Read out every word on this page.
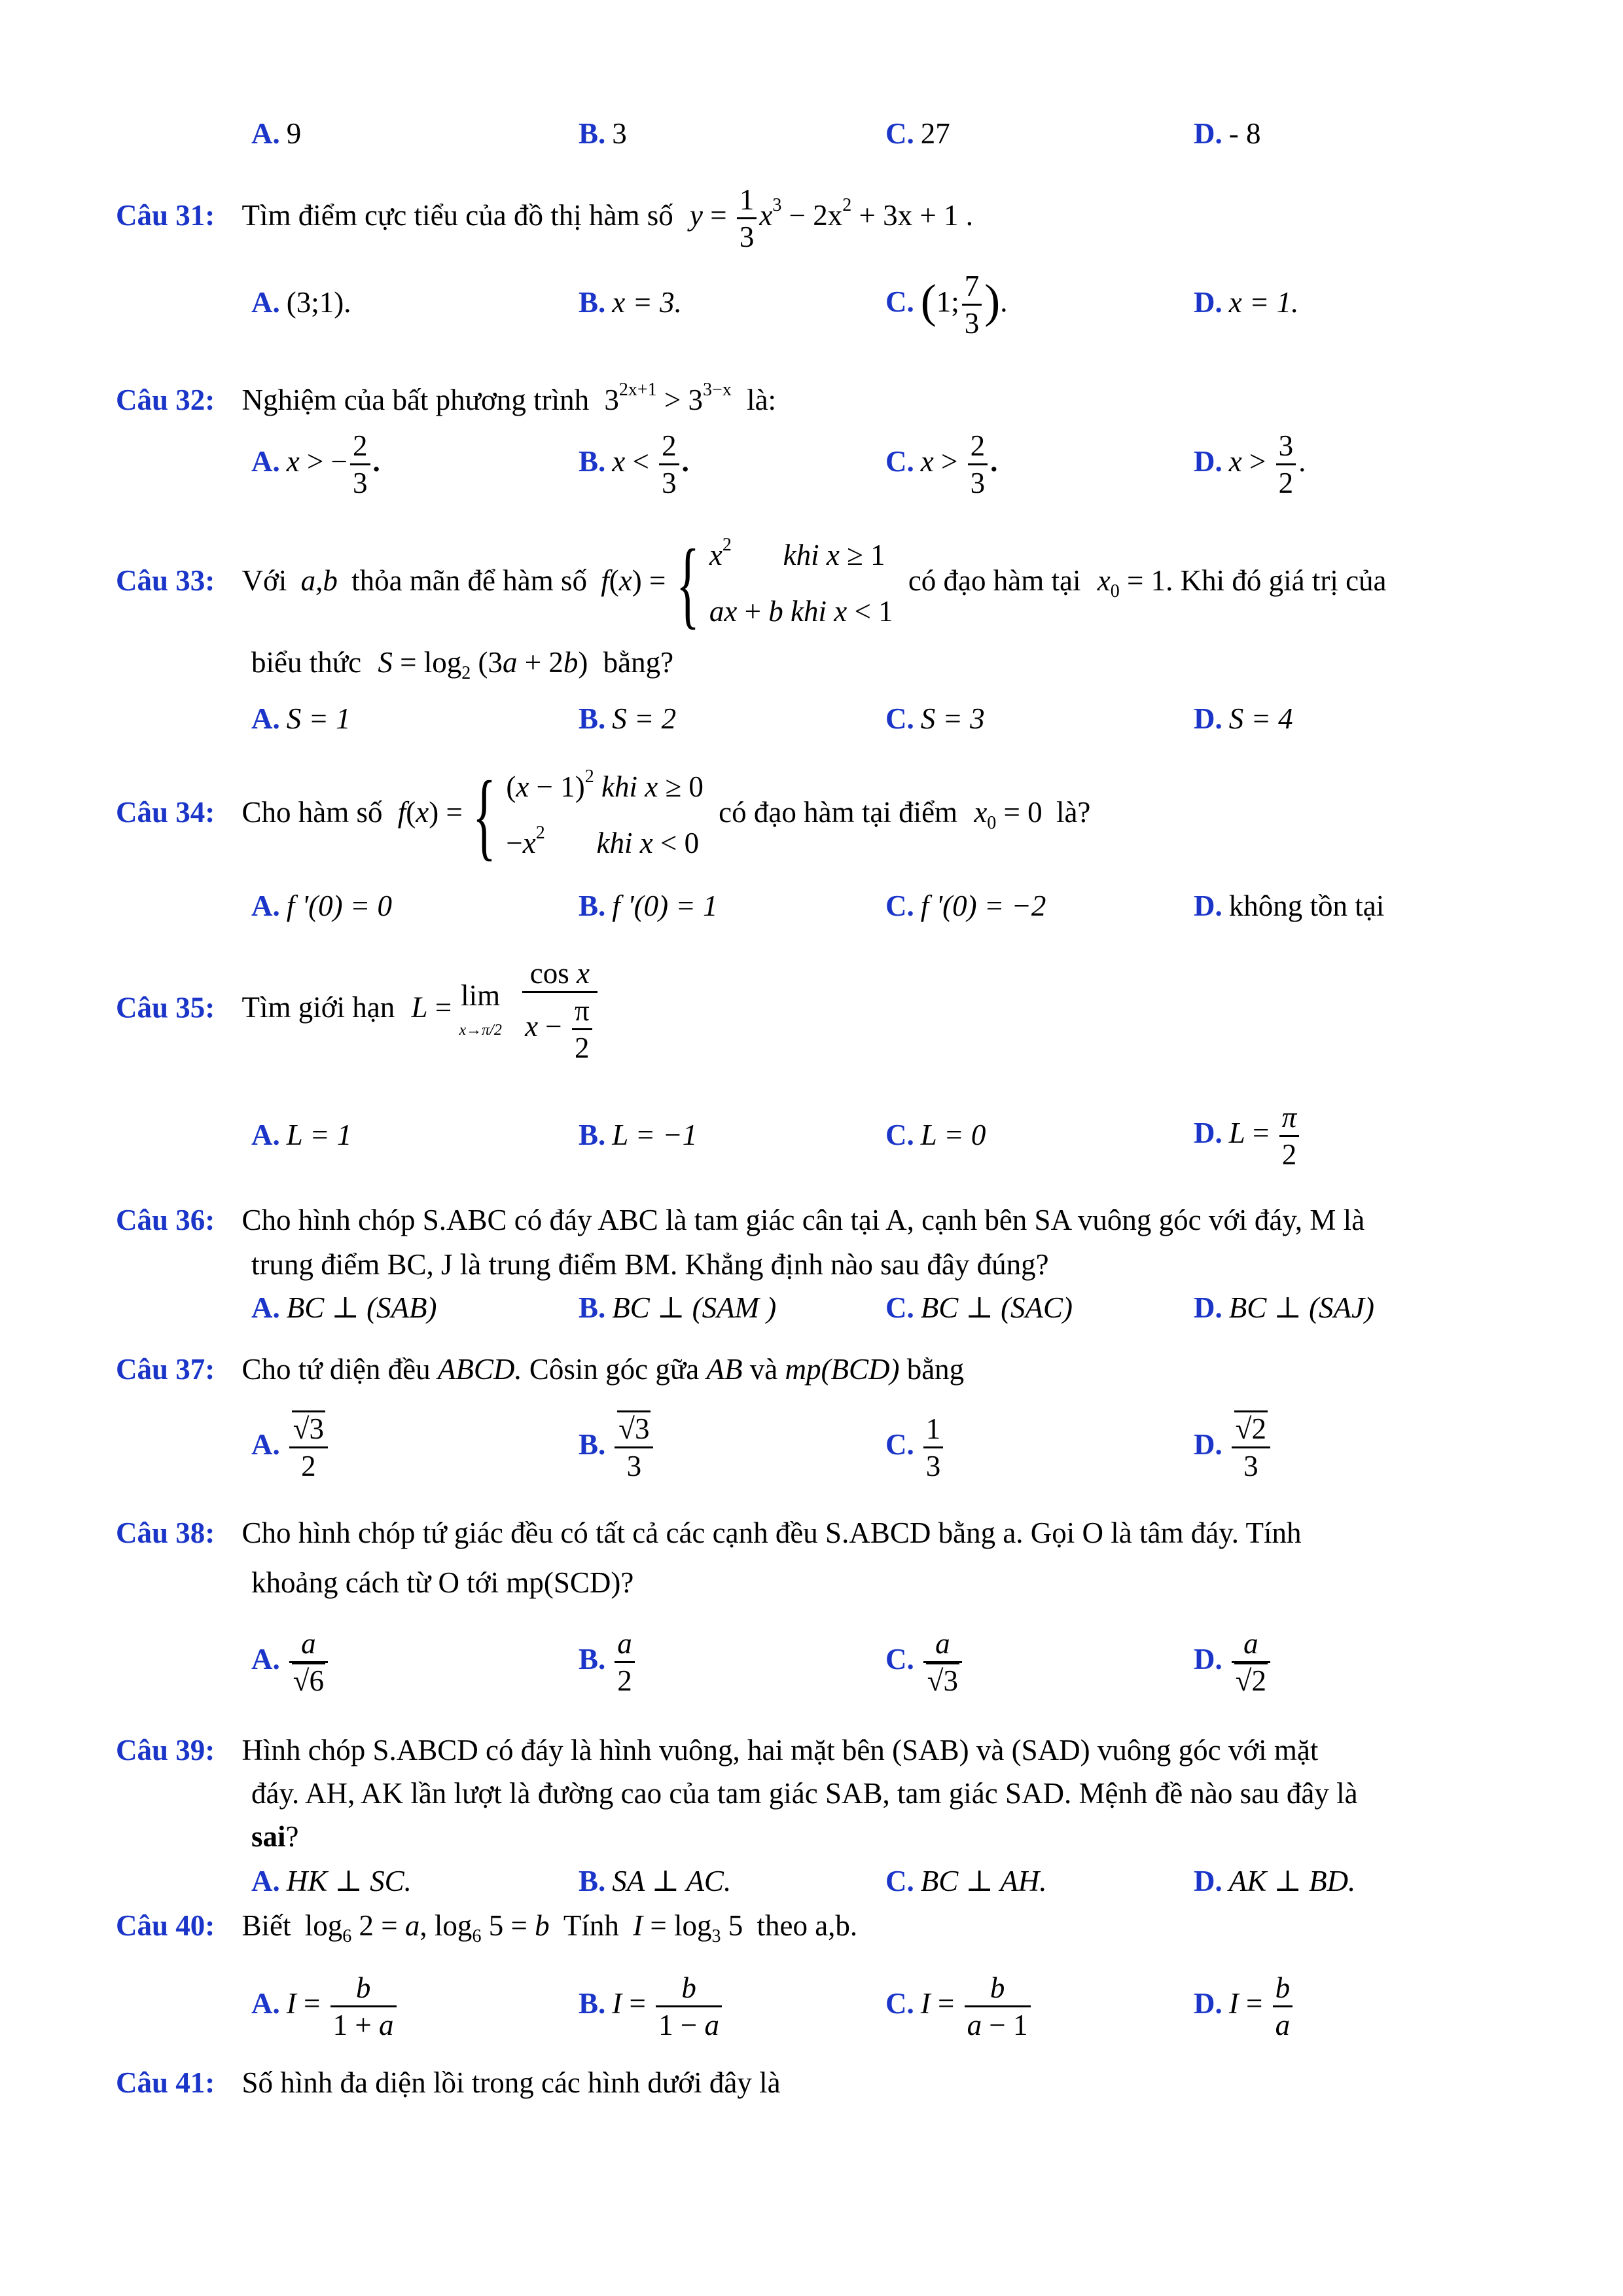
A. 9	B. 3	C. 27	D. - 8
Câu 31: Tìm điểm cực tiểu của đồ thị hàm số $y = \frac{1}{3} x^3 - 2x^2 + 3x + 1$ .
A. (3;1).	B. x = 3.	C. (1; $\frac{7}{3}$ ).	D. x = 1.
Câu 32: Nghiệm của bất phương trình $3^{2x+1} > 3^{3-x}$ là:
A. x > − $\frac{2}{3}$ .	B. $x < \frac{2}{3}$ .	C. $x > \frac{2}{3}$ .	D. $x > \frac{3}{2}$ .
Câu 33: Với a,b thỏa mãn để hàm số f(x) = { $x^2$ khi x ≥ 1
ax + b khi x < 1 có đạo hàm tại $x_0 = 1$. Khi đó giá trị của
biểu thức $S = \log_2 (3a + 2b)$ bằng?
A. S = 1	B. S = 2	C. S = 3	D. S = 4
Câu 34: Cho hàm số f(x) = { $(x - 1)^2$ khi x ≥ 0
$-x^2$ khi x < 0 có đạo hàm tại điểm $x_0 = 0$ là?
A. f '(0) = 0	B. f '(0) = 1	C. f '(0) = −2	D. không tồn tại
Câu 35: Tìm giới hạn L = lim
$x\to\pi/2 \frac{\text{cos x}}{x - \frac{\pi}{2}}$
A. L = 1	B. L = −1	C. L = 0	D. $L = \frac{\pi}{2}$
Câu 36: Cho hình chóp S.ABC có đáy ABC là tam giác cân tại A, cạnh bên SA vuông góc với đáy, M là
trung điểm BC, J là trung điểm BM. Khẳng định nào sau đây đúng?
A. BC ⊥ (SAB)	B. BC ⊥ (SAM )	C. BC ⊥ (SAC)	D. BC ⊥ (SAJ)
Câu 37: Cho tứ diện đều ABCD. Côsin góc gữa AB và mp(BCD) bằng
A. $\frac{√3}{2}$	B. $\frac{√3}{3}$	C. $\frac{1}{3}$	D. $\frac{√2}{3}$
Câu 38: Cho hình chóp tứ giác đều có tất cả các cạnh đều S.ABCD bằng a. Gọi O là tâm đáy. Tính
khoảng cách từ O tới mp(SCD)?
A. $\frac{a}{√6}$	B. $\frac{a}{2}$	C. $\frac{a}{√3}$	D. $\frac{a}{√2}$
Câu 39: Hình chóp S.ABCD có đáy là hình vuông, hai mặt bên (SAB) và (SAD) vuông góc với mặt
đáy. AH, AK lần lượt là đường cao của tam giác SAB, tam giác SAD. Mệnh đề nào sau đây là
sai?
A. HK ⊥ SC.	B. SA ⊥ AC.	C. BC ⊥ AH.	D. AK ⊥ BD.
Câu 40: Biết $\log_6 2 = a$, $\log_6 5 = b$ Tính $I = \log_3 5$ theo a,b.
A. $I = \frac{b}{1 + a}$	B. $I = \frac{b}{1 - a}$	C. $I = \frac{b}{a - 1}$	D. $I = \frac{b}{a}$
Câu 41: Số hình đa diện lồi trong các hình dưới đây là
